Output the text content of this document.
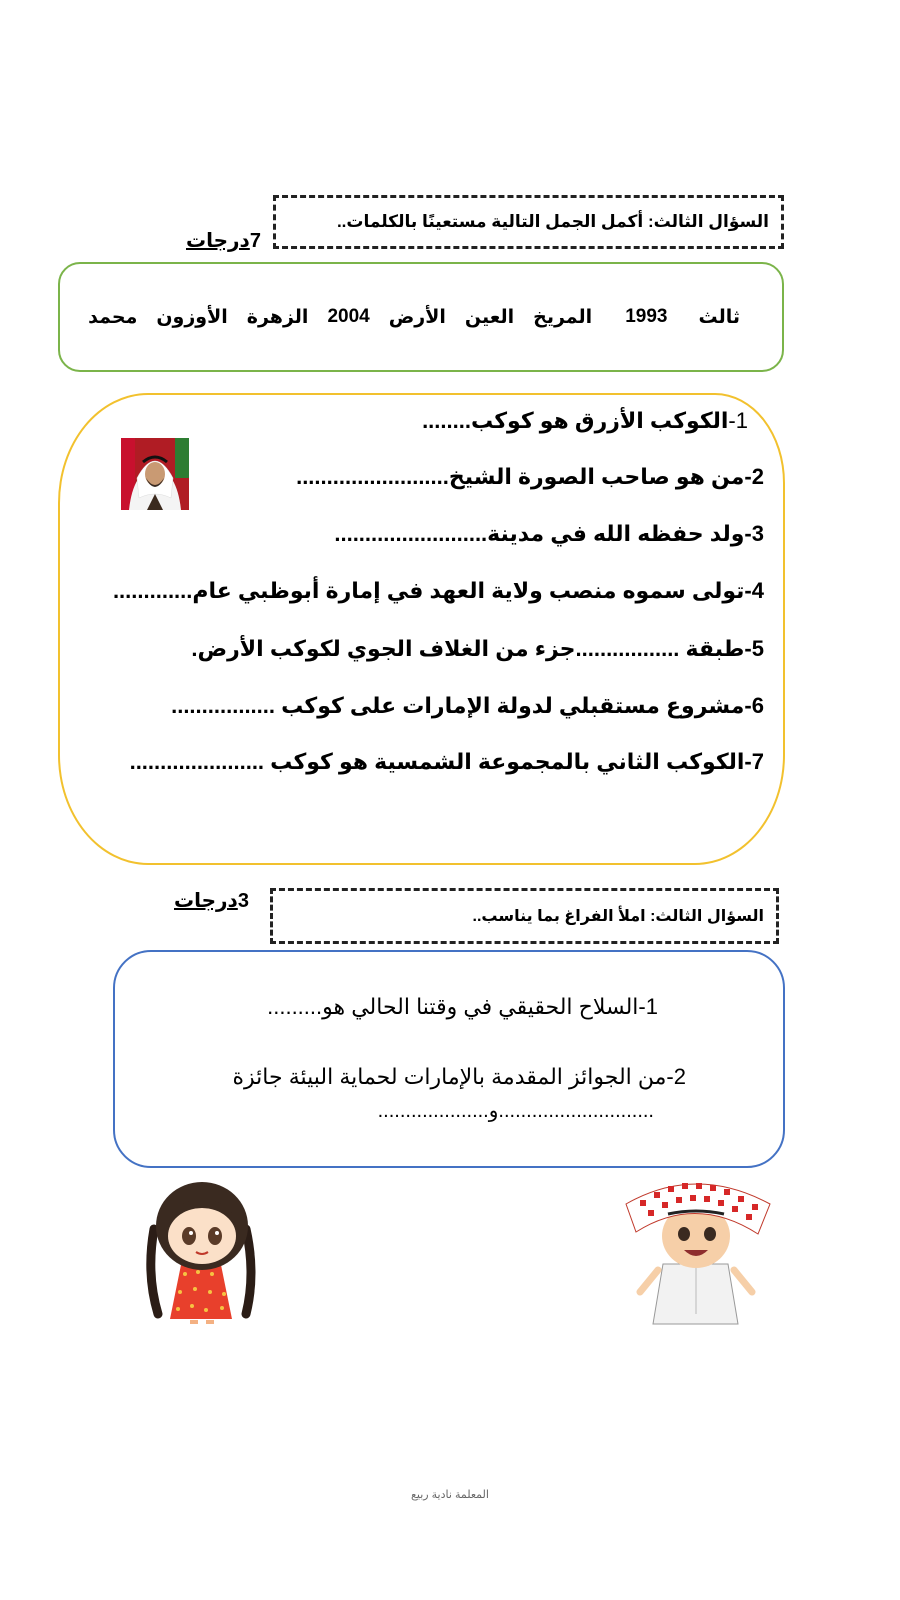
السؤال الثالث: أكمل الجمل التالية مستعينًا بالكلمات..
7درجات
ثالث
1993
المريخ
العين
الأرض
2004
الزهرة
الأوزون
محمد
1-الكوكب الأزرق هو كوكب........
2-من هو صاحب الصورة الشيخ.........................
3-ولد حفظه الله في مدينة.........................
4-تولى سموه منصب ولاية العهد في إمارة أبوظبي عام.............
5-طبقة .................جزء من الغلاف الجوي لكوكب الأرض.
6-مشروع مستقبلي لدولة الإمارات على كوكب .................
7-الكوكب الثاني بالمجموعة الشمسية هو كوكب ......................
السؤال الثالث: املأ الفراغ بما يناسب..
3درجات
1-السلاح الحقيقي في وقتنا الحالي هو.........
2-من الجوائز المقدمة بالإمارات لحماية البيئة جائزة
............................و....................
المعلمة نادية ربيع
